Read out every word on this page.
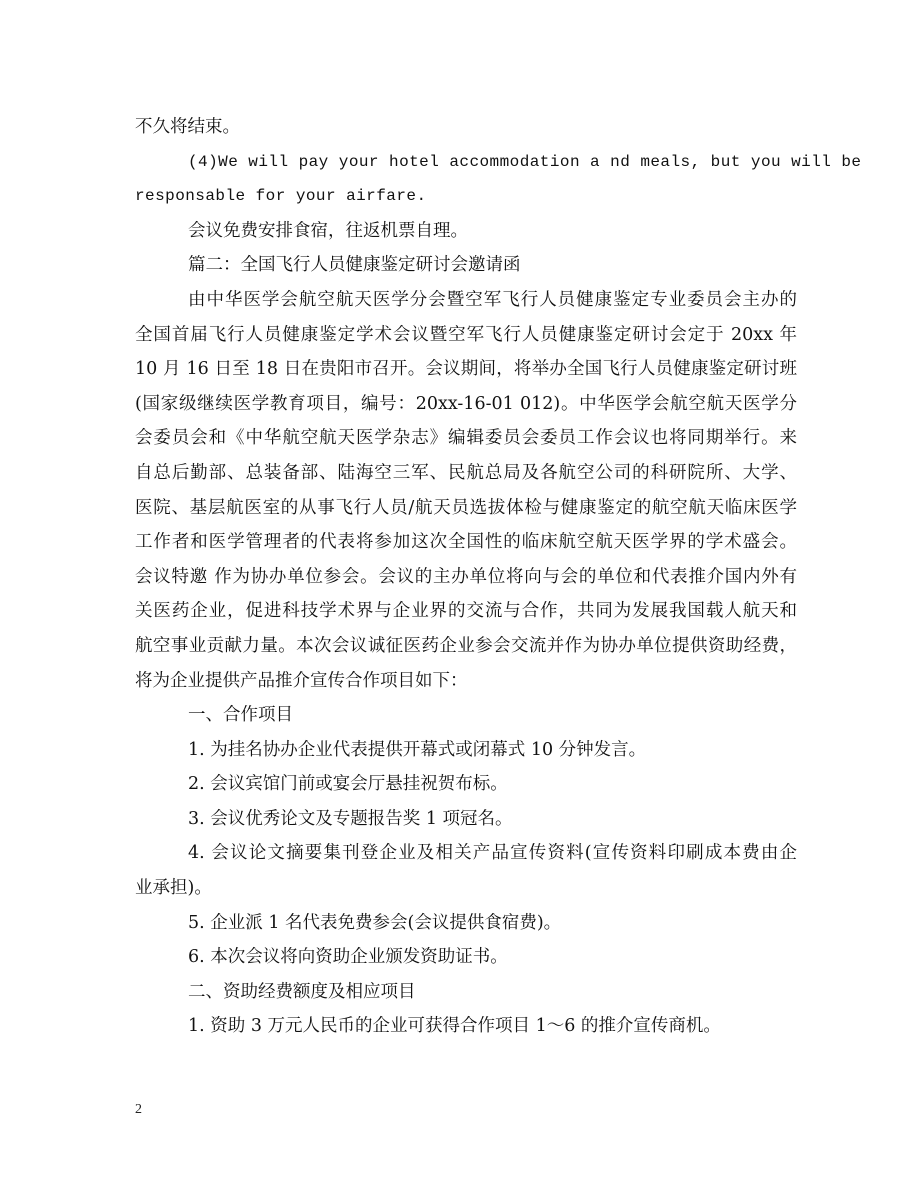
不久将结束。
(4)We will pay your hotel accommodation a nd meals, but you will be
responsable for your airfare.
会议免费安排食宿，往返机票自理。
篇二：全国飞行人员健康鉴定研讨会邀请函
由中华医学会航空航天医学分会暨空军飞行人员健康鉴定专业委员会主办的
全国首届飞行人员健康鉴定学术会议暨空军飞行人员健康鉴定研讨会定于 20xx 年
10 月 16 日至 18 日在贵阳市召开。会议期间，将举办全国飞行人员健康鉴定研讨班
(国家级继续医学教育项目，编号：20xx-16-01 012)。中华医学会航空航天医学分
会委员会和《中华航空航天医学杂志》编辑委员会委员工作会议也将同期举行。来
自总后勤部、总装备部、陆海空三军、民航总局及各航空公司的科研院所、大学、
医院、基层航医室的从事飞行人员/航天员选拔体检与健康鉴定的航空航天临床医学
工作者和医学管理者的代表将参加这次全国性的临床航空航天医学界的学术盛会。
会议特邀 作为协办单位参会。会议的主办单位将向与会的单位和代表推介国内外有
关医药企业，促进科技学术界与企业界的交流与合作，共同为发展我国载人航天和
航空事业贡献力量。本次会议诚征医药企业参会交流并作为协办单位提供资助经费，
将为企业提供产品推介宣传合作项目如下：
一、合作项目
1. 为挂名协办企业代表提供开幕式或闭幕式 10 分钟发言。
2. 会议宾馆门前或宴会厅悬挂祝贺布标。
3. 会议优秀论文及专题报告奖 1 项冠名。
4. 会议论文摘要集刊登企业及相关产品宣传资料(宣传资料印刷成本费由企
业承担)。
5. 企业派 1 名代表免费参会(会议提供食宿费)。
6. 本次会议将向资助企业颁发资助证书。
二、资助经费额度及相应项目
1. 资助 3 万元人民币的企业可获得合作项目 1～6 的推介宣传商机。
2
